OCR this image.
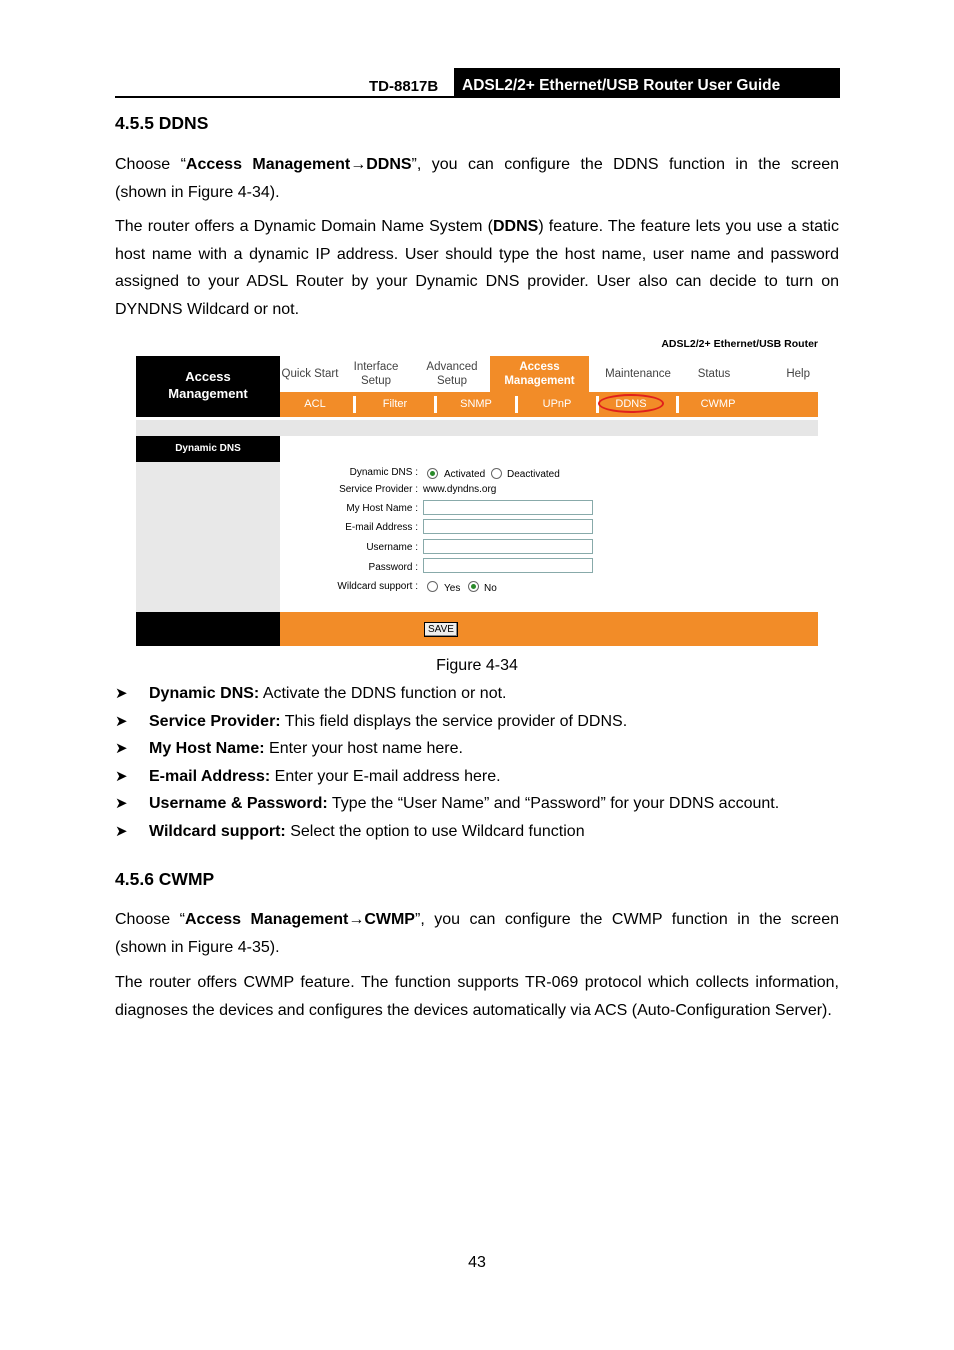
TD-8817B	ADSL2/2+ Ethernet/USB Router User Guide
4.5.5 DDNS
Choose “Access Management→DDNS”, you can configure the DDNS function in the screen
(shown in Figure 4-34).
The router offers a Dynamic Domain Name System (DDNS) feature. The feature lets you use a static host name with a dynamic IP address. User should type the host name, user name and password assigned to your ADSL Router by your Dynamic DNS provider. User also can decide to turn on DYNDNS Wildcard or not.
ADSL2/2+ Ethernet/USB Router
Access Management
Quick Start
Interface Setup
Advanced Setup
Access Management
Maintenance	Status	Help
ACL	Filter	SNMP	UPnP	DDNS	CWMP
Dynamic DNS
Dynamic DNS :	Activated Deactivated
Service Provider : www.dyndns.org
My Host Name :
E-mail Address :
Username :
Password :
Wildcard support :	Yes No
SAVE
Figure 4-34
➤ Dynamic DNS: Activate the DDNS function or not.
➤ Service Provider: This field displays the service provider of DDNS.
➤ My Host Name: Enter your host name here.
➤ E-mail Address: Enter your E-mail address here.
➤ Username & Password: Type the “User Name” and “Password” for your DDNS account.
➤ Wildcard support: Select the option to use Wildcard function
4.5.6 CWMP
Choose “Access Management→CWMP”, you can configure the CWMP function in the screen
(shown in Figure 4-35).
The router offers CWMP feature. The function supports TR-069 protocol which collects information, diagnoses the devices and configures the devices automatically via ACS (Auto-Configuration Server).
43
